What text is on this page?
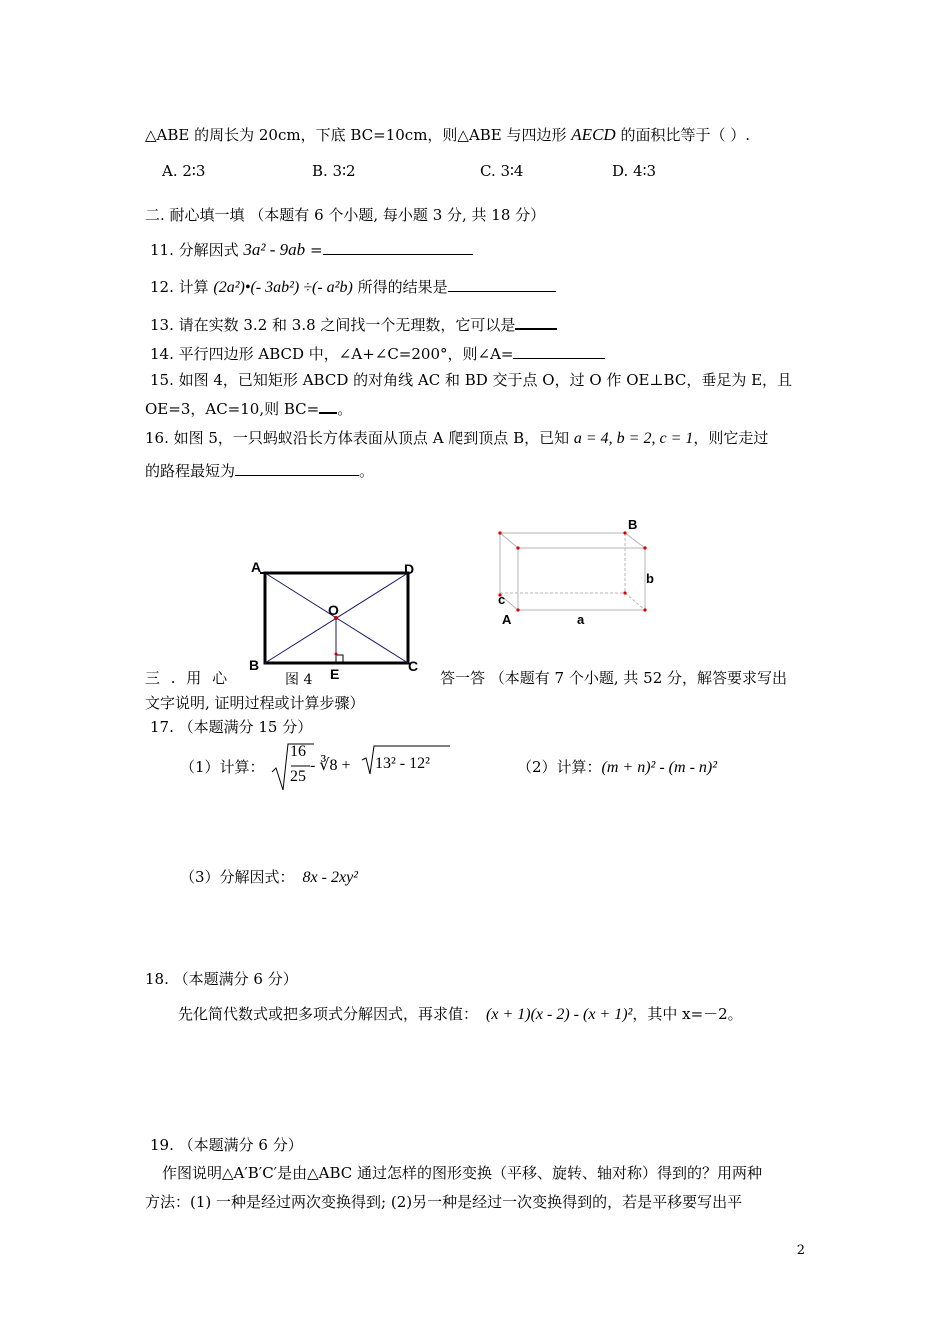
△ABE 的周长为 20cm，下底 BC=10cm，则△ABE 与四边形 AECD 的面积比等于（ ）.
A. 2∶3	B. 3∶2	C. 3∶4	D. 4∶3
二. 耐心填一填 （本题有 6 个小题, 每小题 3 分, 共 18 分）
11. 分解因式 3a² - 9ab =
12. 计算 (2a²)•(- 3ab²) ÷(- a²b) 所得的结果是
13. 请在实数 3.2 和 3.8 之间找一个无理数，它可以是
14. 平行四边形 ABCD 中，∠A+∠C=200°，则∠A=
15. 如图 4，已知矩形 ABCD 的对角线 AC 和 BD 交于点 O，过 O 作 OE⊥BC，垂足为 E，且
OE=3，AC=10,则 BC= 。
16. 如图 5，一只蚂蚁沿长方体表面从顶点 A 爬到顶点 B，已知 a = 4, b = 2, c = 1，则它走过
的路程最短为	。
A	D
B	C
O
E
图 4
B
b
c
A	a
三 . 用 心	答一答 （本题有 7 个小题, 共 52 分，解答要求写出
文字说明, 证明过程或计算步骤）
17. （本题满分 15 分）
（1）计算：
16
25
- ∛8 + 13² - 12²	（2）计算：(m + n)² - (m - n)²
（3）分解因式： 8x - 2xy²
18. （本题满分 6 分）
先化简代数式或把多项式分解因式，再求值： (x + 1)(x - 2) - (x + 1)²，其中 x=－2。
19. （本题满分 6 分）
作图说明△A′B′C′是由△ABC 通过怎样的图形变换（平移、旋转、轴对称）得到的？用两种
方法：(1) 一种是经过两次变换得到; (2)另一种是经过一次变换得到的，若是平移要写出平
2
